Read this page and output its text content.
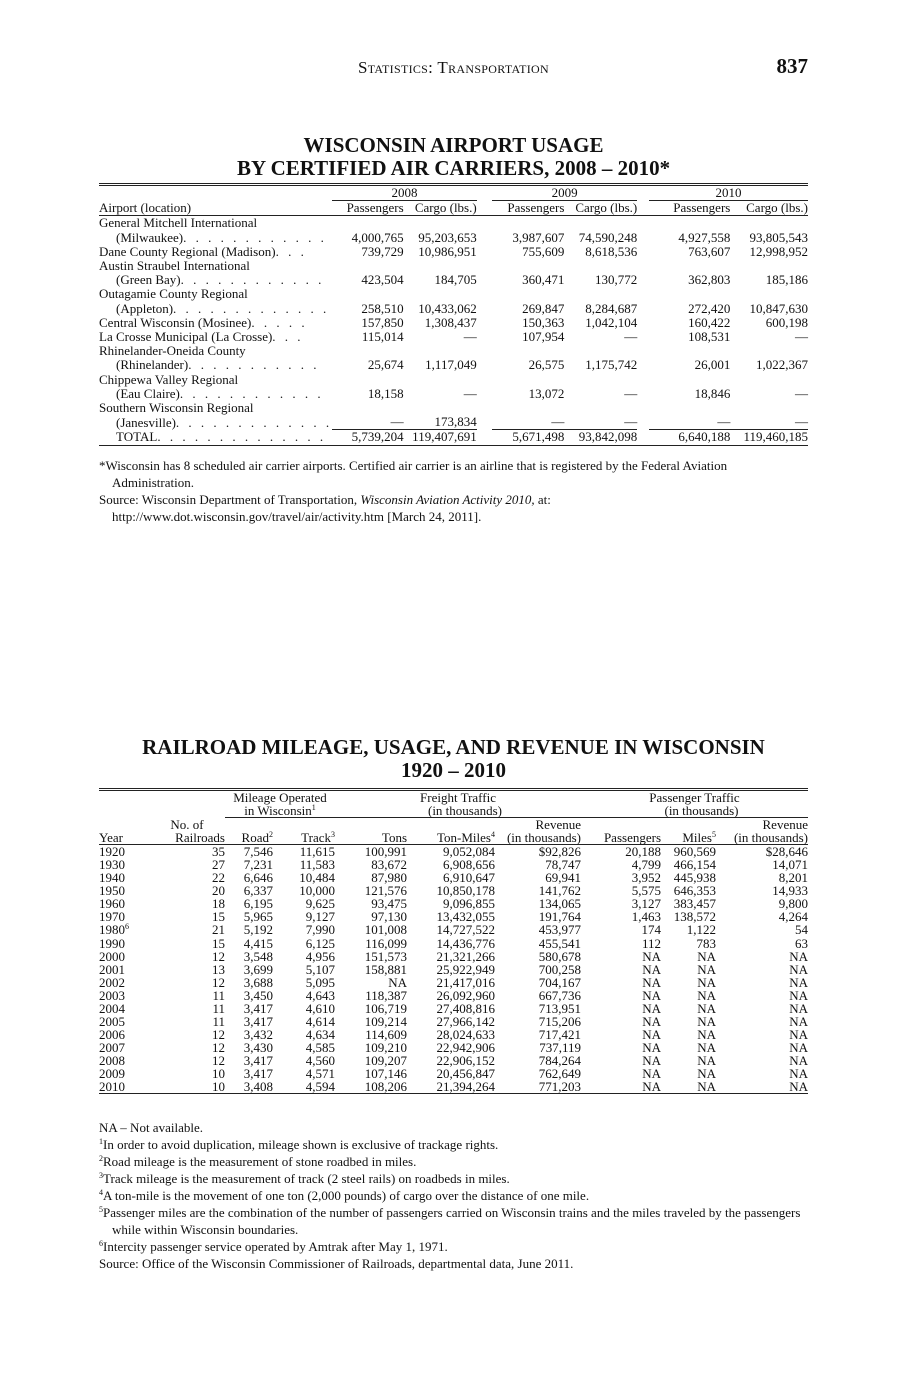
Statistics: Transportation	837
WISCONSIN AIRPORT USAGE
BY CERTIFIED AIR CARRIERS, 2008 – 2010*
	2008			2009			2010	
Airport (location)	Passengers	Cargo (lbs.)		Passengers	Cargo (lbs.)		Passengers	Cargo (lbs.)
General Mitchell International								
(Milwaukee). . . . . . . . . . . .	4,000,765	95,203,653		3,987,607	74,590,248		4,927,558	93,805,543
Dane County Regional (Madison). . .	739,729	10,986,951		755,609	8,618,536		763,607	12,998,952
Austin Straubel International								
(Green Bay). . . . . . . . . . . .	423,504	184,705		360,471	130,772		362,803	185,186
Outagamie County Regional								
(Appleton). . . . . . . . . . . . .	258,510	10,433,062		269,847	8,284,687		272,420	10,847,630
Central Wisconsin (Mosinee). . . . .	157,850	1,308,437		150,363	1,042,104		160,422	600,198
La Crosse Municipal (La Crosse). . .	115,014	—		107,954	—		108,531	—
Rhinelander-Oneida County								
(Rhinelander). . . . . . . . . . .	25,674	1,117,049		26,575	1,175,742		26,001	1,022,367
Chippewa Valley Regional								
(Eau Claire). . . . . . . . . . . .	18,158	—		13,072	—		18,846	—
Southern Wisconsin Regional								
(Janesville). . . . . . . . . . . . .	—	173,834		—	—		—	—
TOTAL. . . . . . . . . . . . . .	5,739,204	119,407,691		5,671,498	93,842,098		6,640,188	119,460,185

*Wisconsin has 8 scheduled air carrier airports. Certified air carrier is an airline that is registered by the Federal Aviation
Administration.

Source: Wisconsin Department of Transportation, Wisconsin Aviation Activity 2010, at:
http://www.dot.wisconsin.gov/travel/air/activity.htm [March 24, 2011].

RAILROAD MILEAGE, USAGE, AND REVENUE IN WISCONSIN
1920 – 2010
		Mileage Operated		Freight Traffic			Passenger Traffic		
		in Wisconsin$^1$		(in thousands)			(in thousands)		
	No. of					Revenue			Revenue
Year	Railroads	Road$^2$	Track$^3$	Tons	Ton-Miles$^4$	(in thousands)	Passengers	Miles$^5$	(in thousands)
1920	35	7,546	11,615	100,991	9,052,084	$92,826	20,188	960,569	$28,646
1930	27	7,231	11,583	83,672	6,908,656	78,747	4,799	466,154	14,071
1940	22	6,646	10,484	87,980	6,910,647	69,941	3,952	445,938	8,201
1950	20	6,337	10,000	121,576	10,850,178	141,762	5,575	646,353	14,933
1960	18	6,195	9,625	93,475	9,096,855	134,065	3,127	383,457	9,800
1970	15	5,965	9,127	97,130	13,432,055	191,764	1,463	138,572	4,264
1980$^6$	21	5,192	7,990	101,008	14,727,522	453,977	174	1,122	54
1990	15	4,415	6,125	116,099	14,436,776	455,541	112	783	63
2000	12	3,548	4,956	151,573	21,321,266	580,678	NA	NA	NA
2001	13	3,699	5,107	158,881	25,922,949	700,258	NA	NA	NA
2002	12	3,688	5,095	NA	21,417,016	704,167	NA	NA	NA
2003	11	3,450	4,643	118,387	26,092,960	667,736	NA	NA	NA
2004	11	3,417	4,610	106,719	27,408,816	713,951	NA	NA	NA
2005	11	3,417	4,614	109,214	27,966,142	715,206	NA	NA	NA
2006	12	3,432	4,634	114,609	28,024,633	717,421	NA	NA	NA
2007	12	3,430	4,585	109,210	22,942,906	737,119	NA	NA	NA
2008	12	3,417	4,560	109,207	22,906,152	784,264	NA	NA	NA
2009	10	3,417	4,571	107,146	20,456,847	762,649	NA	NA	NA
2010	10	3,408	4,594	108,206	21,394,264	771,203	NA	NA	NA

NA – Not available.

$^1$In order to avoid duplication, mileage shown is exclusive of trackage rights.

$^2$Road mileage is the measurement of stone roadbed in miles.

$^3$Track mileage is the measurement of track (2 steel rails) on roadbeds in miles.

$^4$A ton-mile is the movement of one ton (2,000 pounds) of cargo over the distance of one mile.

$^5$Passenger miles are the combination of the number of passengers carried on Wisconsin trains and the miles traveled by the passengers while within Wisconsin boundaries.

$^6$Intercity passenger service operated by Amtrak after May 1, 1971.

Source: Office of the Wisconsin Commissioner of Railroads, departmental data, June 2011.
